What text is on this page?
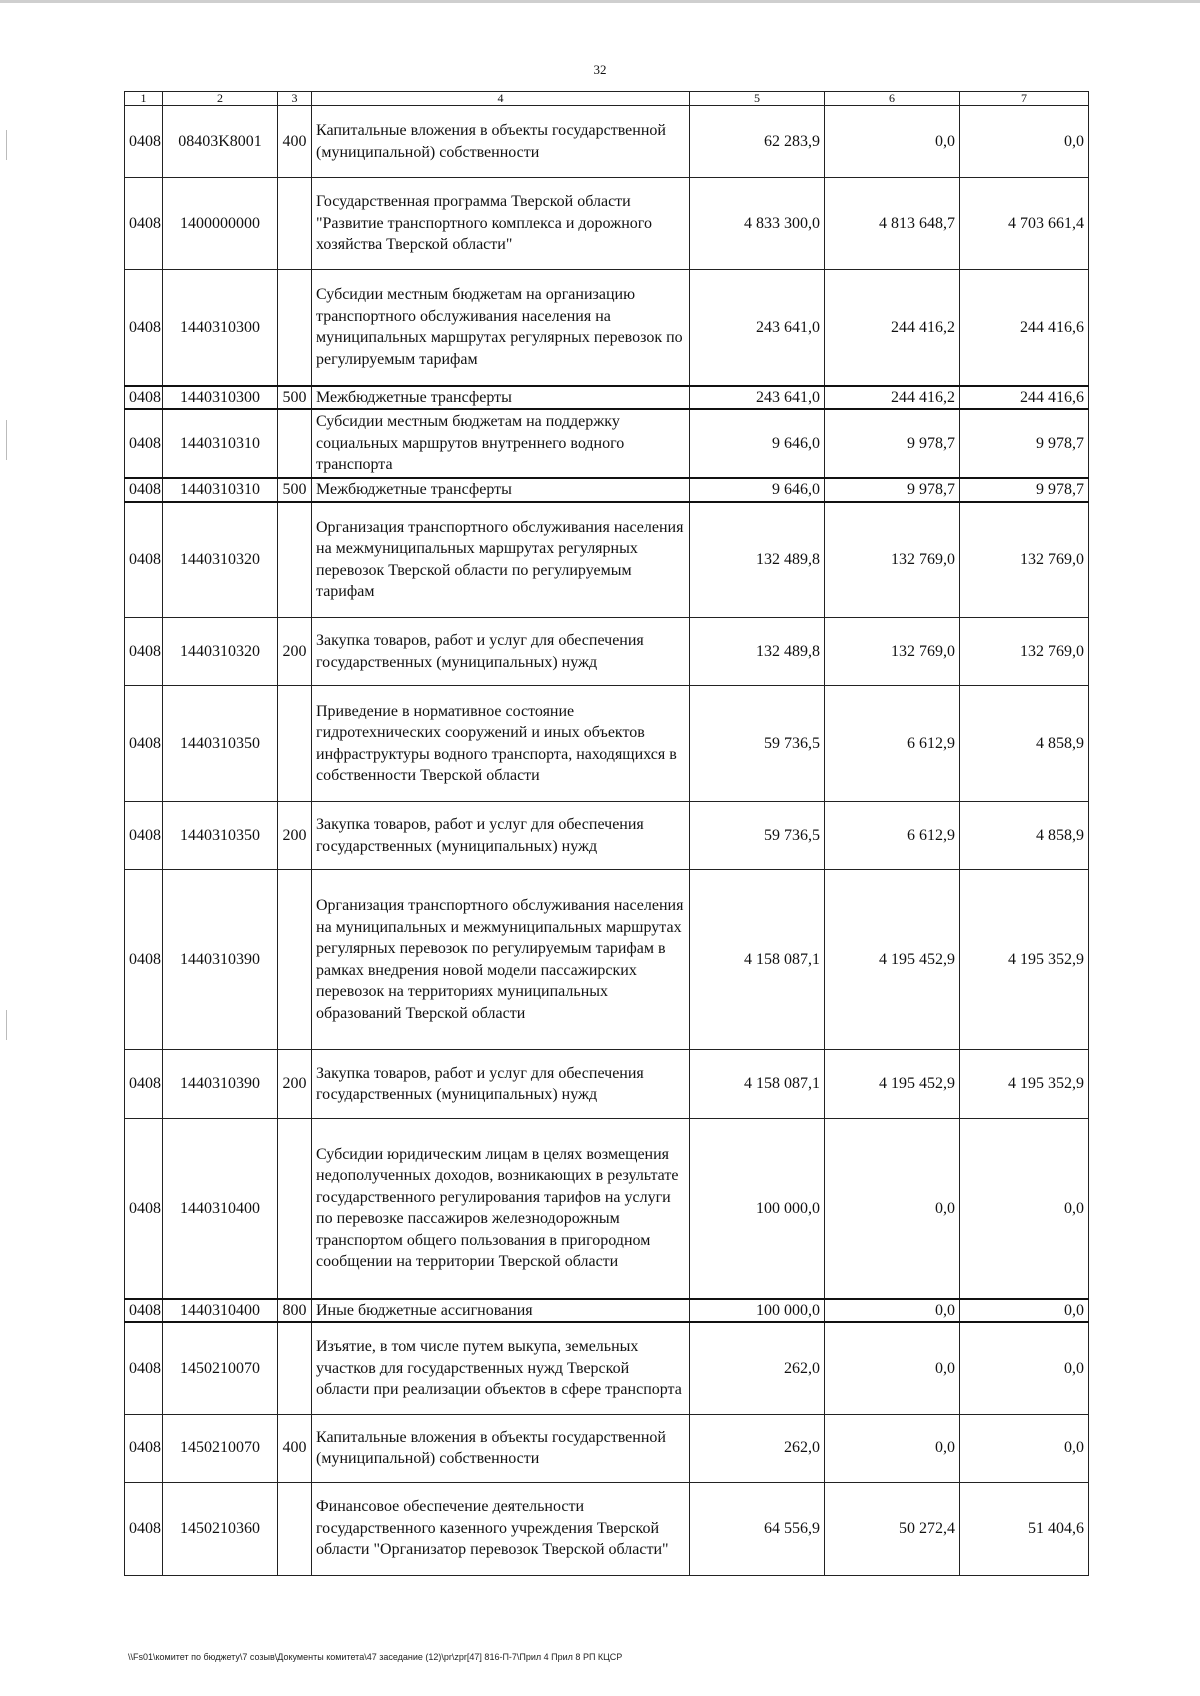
32
1	2	3	4	5	6	7
0408	08403K8001	400	Капитальные вложения в объекты государственной (муниципальной) собственности	62 283,9	0,0	0,0
0408	1400000000		Государственная программа Тверской области "Развитие транспортного комплекса и дорожного хозяйства Тверской области"	4 833 300,0	4 813 648,7	4 703 661,4
0408	1440310300		Субсидии местным бюджетам на организацию транспортного обслуживания населения на муниципальных маршрутах регулярных перевозок по регулируемым тарифам	243 641,0	244 416,2	244 416,6
0408	1440310300	500	Межбюджетные трансферты	243 641,0	244 416,2	244 416,6
0408	1440310310		Субсидии местным бюджетам на поддержку социальных маршрутов внутреннего водного транспорта	9 646,0	9 978,7	9 978,7
0408	1440310310	500	Межбюджетные трансферты	9 646,0	9 978,7	9 978,7
0408	1440310320		Организация транспортного обслуживания населения на межмуниципальных маршрутах регулярных перевозок Тверской области по регулируемым тарифам	132 489,8	132 769,0	132 769,0
0408	1440310320	200	Закупка товаров, работ и услуг для обеспечения государственных (муниципальных) нужд	132 489,8	132 769,0	132 769,0
0408	1440310350		Приведение в нормативное состояние гидротехнических сооружений и иных объектов инфраструктуры водного транспорта, находящихся в собственности Тверской области	59 736,5	6 612,9	4 858,9
0408	1440310350	200	Закупка товаров, работ и услуг для обеспечения государственных (муниципальных) нужд	59 736,5	6 612,9	4 858,9
0408	1440310390		Организация транспортного обслуживания населения на муниципальных и межмуниципальных маршрутах регулярных перевозок по регулируемым тарифам в рамках внедрения новой модели пассажирских перевозок на территориях муниципальных образований Тверской области	4 158 087,1	4 195 452,9	4 195 352,9
0408	1440310390	200	Закупка товаров, работ и услуг для обеспечения государственных (муниципальных) нужд	4 158 087,1	4 195 452,9	4 195 352,9
0408	1440310400		Субсидии юридическим лицам в целях возмещения недополученных доходов, возникающих в результате государственного регулирования тарифов на услуги по перевозке пассажиров железнодорожным транспортом общего пользования в пригородном сообщении на территории Тверской области	100 000,0	0,0	0,0
0408	1440310400	800	Иные бюджетные ассигнования	100 000,0	0,0	0,0
0408	1450210070		Изъятие, в том числе путем выкупа, земельных участков для государственных нужд Тверской области при реализации объектов в сфере транспорта	262,0	0,0	0,0
0408	1450210070	400	Капитальные вложения в объекты государственной (муниципальной) собственности	262,0	0,0	0,0
0408	1450210360		Финансовое обеспечение деятельности государственного казенного учреждения Тверской области "Организатор перевозок Тверской области"	64 556,9	50 272,4	51 404,6
\\Fs01\комитет по бюджету\7 созыв\Документы комитета\47 заседание (12)\pr\zpr[47] 816-П-7\Прил 4 Прил 8 РП КЦСР
